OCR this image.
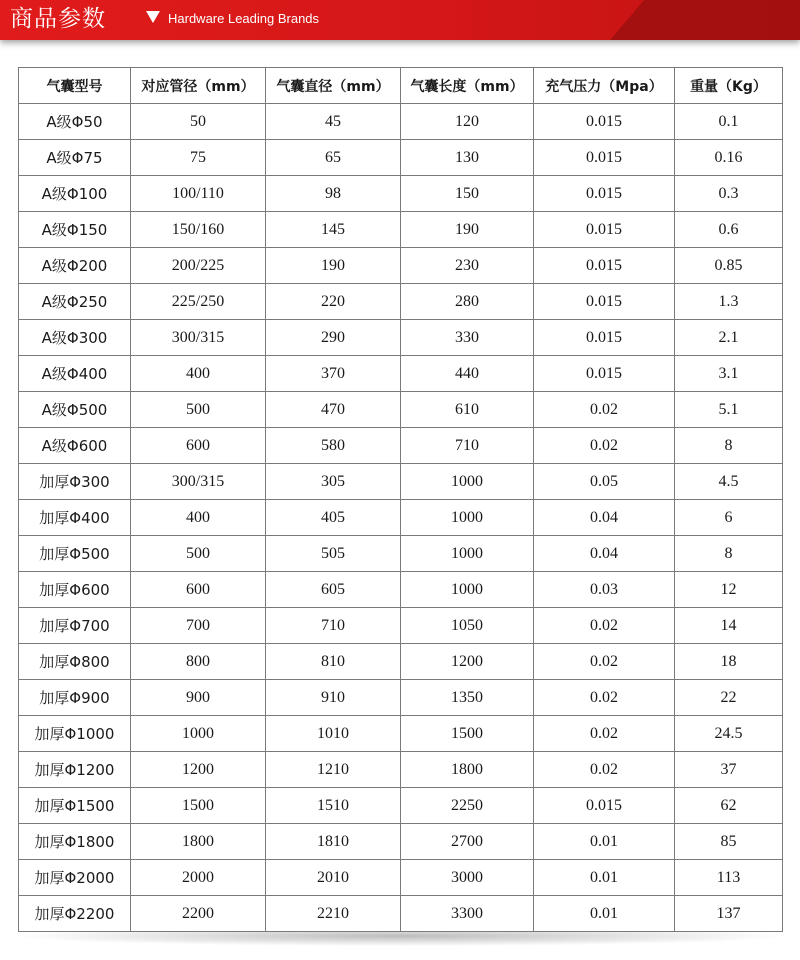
商品参数	Hardware Leading Brands
气囊型号	对应管径（mm）	气囊直径（mm）	气囊长度（mm）	充气压力（Mpa）	重量（Kg）
A级Φ50	50	45	120	0.015	0.1
A级Φ75	75	65	130	0.015	0.16
A级Φ100	100/110	98	150	0.015	0.3
A级Φ150	150/160	145	190	0.015	0.6
A级Φ200	200/225	190	230	0.015	0.85
A级Φ250	225/250	220	280	0.015	1.3
A级Φ300	300/315	290	330	0.015	2.1
A级Φ400	400	370	440	0.015	3.1
A级Φ500	500	470	610	0.02	5.1
A级Φ600	600	580	710	0.02	8
加厚Φ300	300/315	305	1000	0.05	4.5
加厚Φ400	400	405	1000	0.04	6
加厚Φ500	500	505	1000	0.04	8
加厚Φ600	600	605	1000	0.03	12
加厚Φ700	700	710	1050	0.02	14
加厚Φ800	800	810	1200	0.02	18
加厚Φ900	900	910	1350	0.02	22
加厚Φ1000	1000	1010	1500	0.02	24.5
加厚Φ1200	1200	1210	1800	0.02	37
加厚Φ1500	1500	1510	2250	0.015	62
加厚Φ1800	1800	1810	2700	0.01	85
加厚Φ2000	2000	2010	3000	0.01	113
加厚Φ2200	2200	2210	3300	0.01	137
